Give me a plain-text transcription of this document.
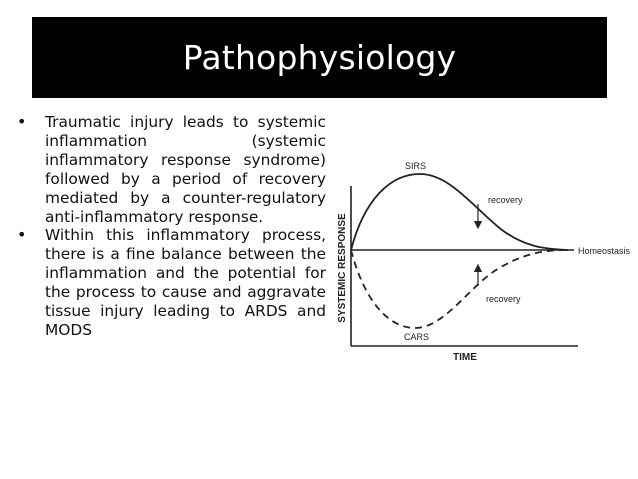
Pathophysiology
• Traumatic injury leads to systemic inflammation (systemic inflammatory response syndrome) followed by a period of recovery mediated by a counter-regulatory anti-inflammatory response.
• Within this inflammatory process, there is a fine balance between the inflammation and the potential for the process to cause and aggravate tissue injury leading to ARDS and MODS
SYSTEMIC RESPONSE
TIME
SIRS
CARS
recovery
recovery
Homeostasis
